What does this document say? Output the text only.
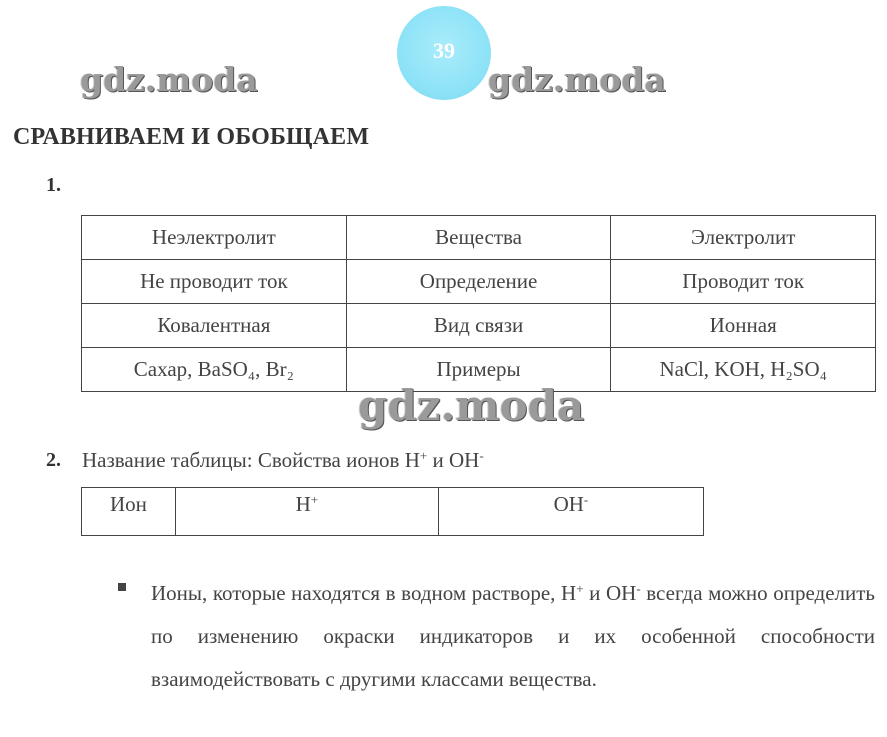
39
gdz.moda	gdz.moda
СРАВНИВАЕМ И ОБОБЩАЕМ
1.
Неэлектролит	Вещества	Электролит
Не проводит ток	Определение	Проводит ток
Ковалентная	Вид связи	Ионная
Сахар, BaSO₄, Br₂	Примеры	NaCl, KOH, H₂SO₄
gdz.moda
2. Название таблицы: Свойства ионов H+ и OH-
Ион	H+	OH-
Ионы, которые находятся в водном растворе, H+ и OH- всегда можно определить по изменению окраски индикаторов и их особенной способности взаимодействовать с другими классами вещества.
